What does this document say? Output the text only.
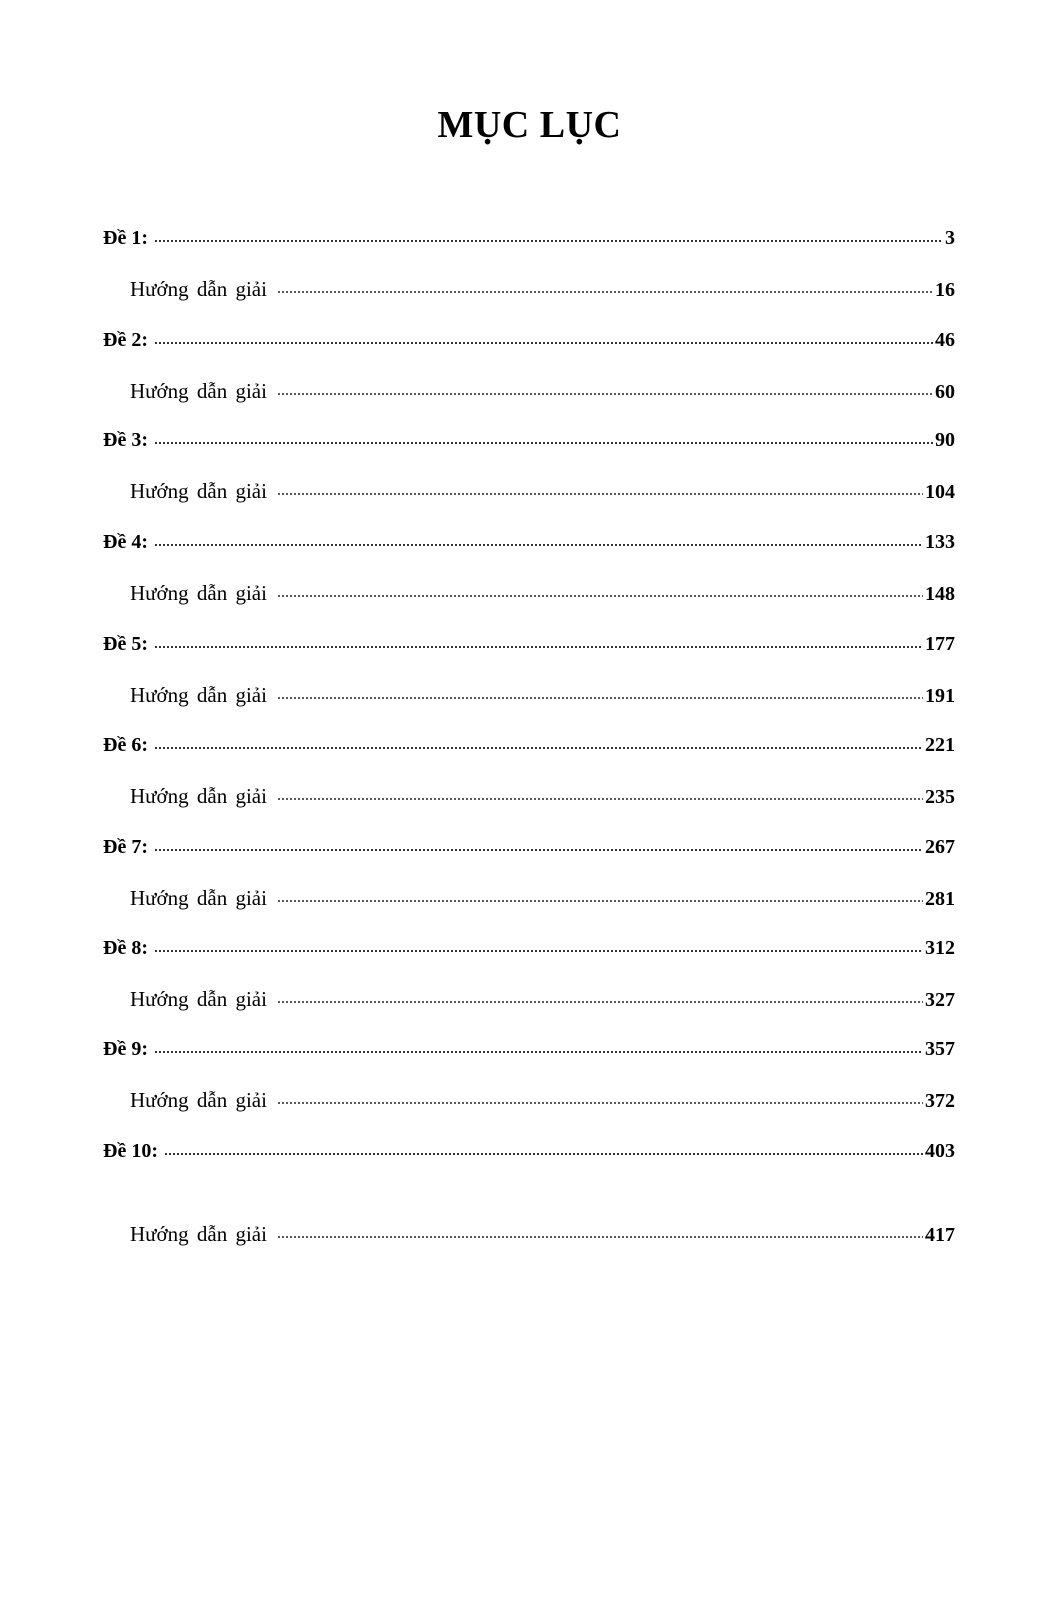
MỤC LỤC
Đề 1:	3
Hướng dẫn giải	16
Đề 2:	46
Hướng dẫn giải	60
Đề 3:	90
Hướng dẫn giải	104
Đề 4:	133
Hướng dẫn giải	148
Đề 5:	177
Hướng dẫn giải	191
Đề 6:	221
Hướng dẫn giải	235
Đề 7:	267
Hướng dẫn giải	281
Đề 8:	312
Hướng dẫn giải	327
Đề 9:	357
Hướng dẫn giải	372
Đề 10:	403
Hướng dẫn giải	417
